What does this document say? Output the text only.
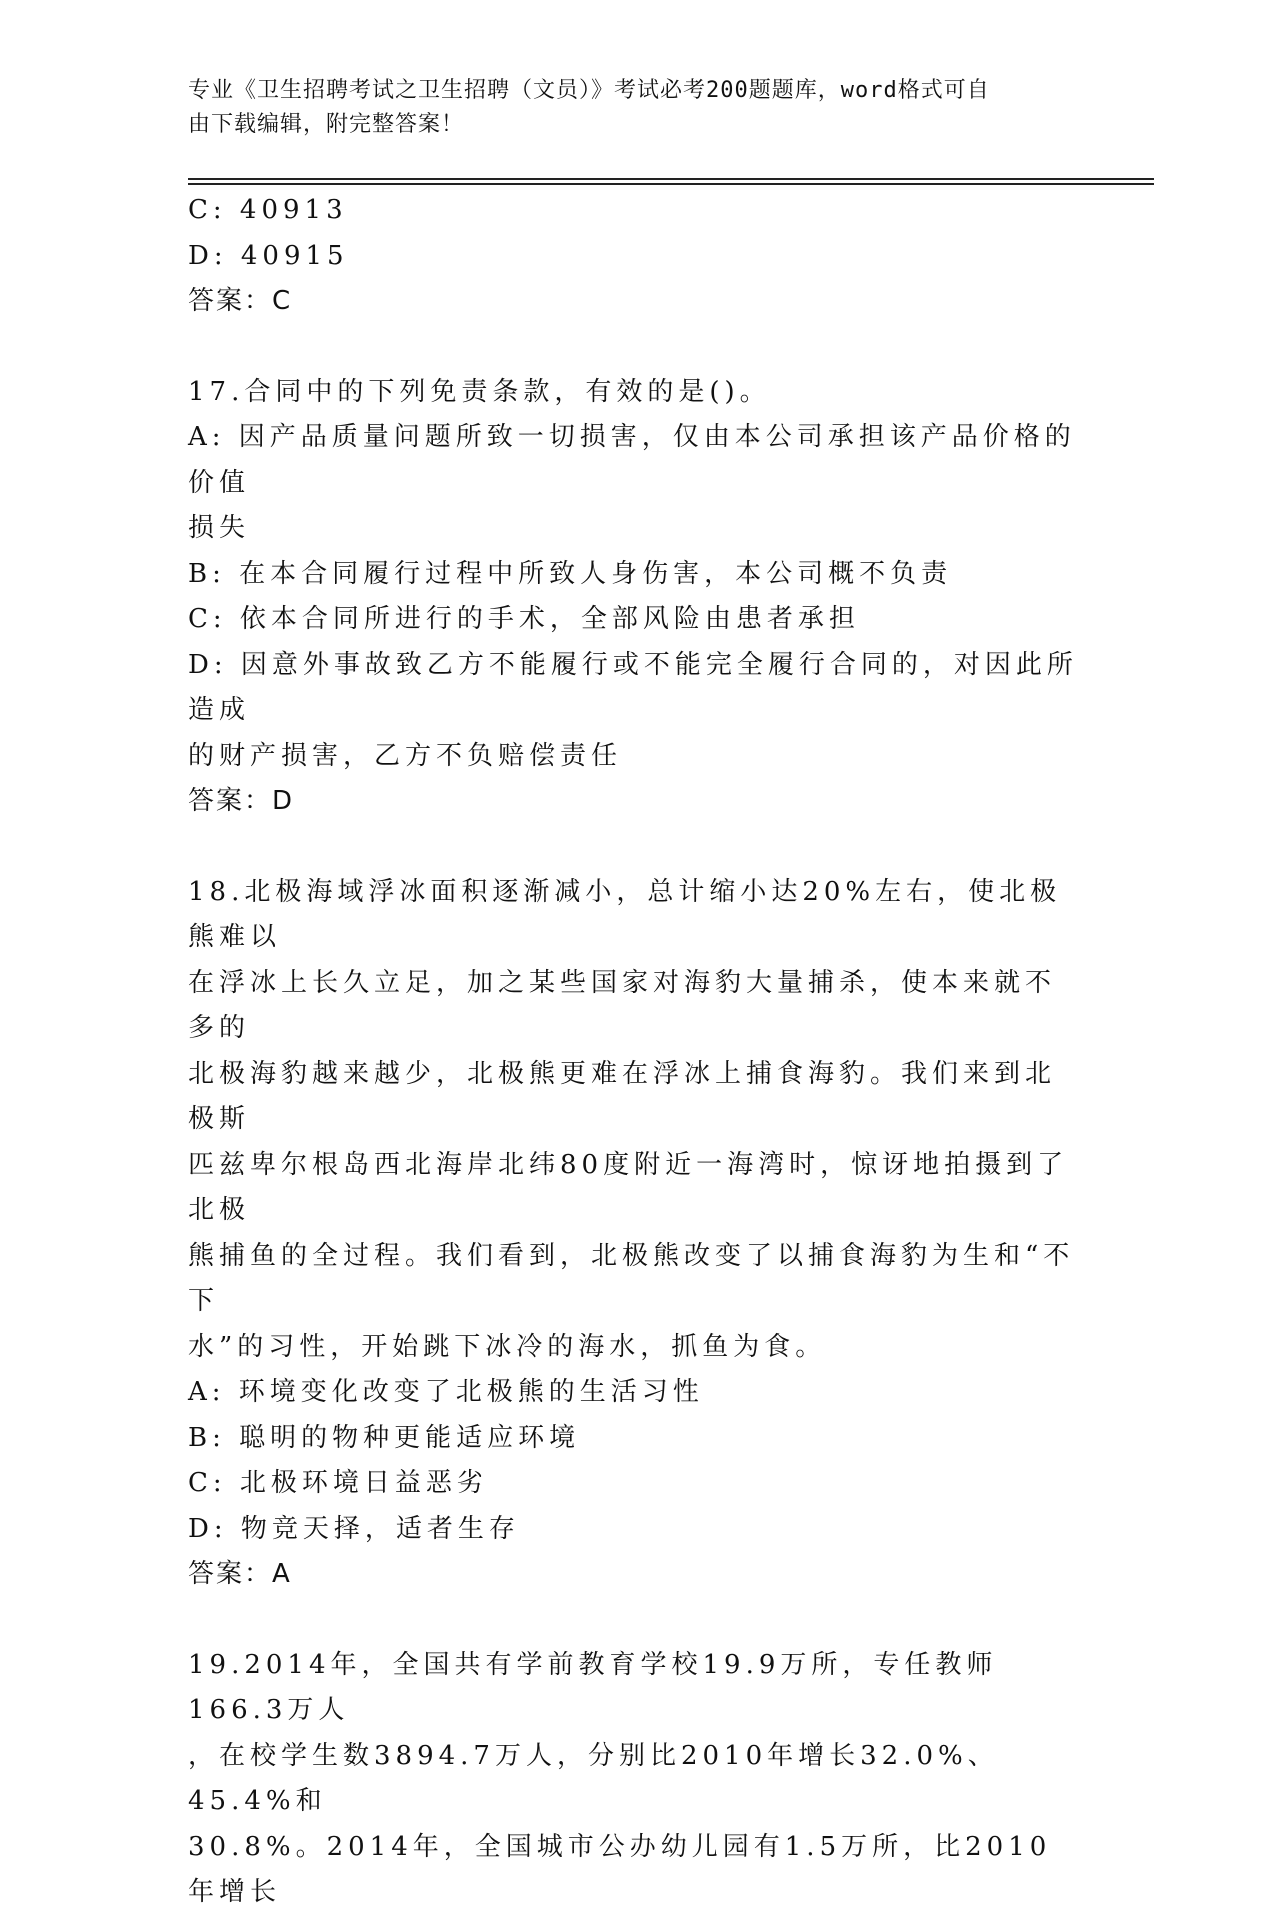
专业《卫生招聘考试之卫生招聘（文员）》考试必考200题题库，word格式可自
由下载编辑，附完整答案！

C: 40913

D: 40915

答案：C

17.合同中的下列免责条款，有效的是()。

A: 因产品质量问题所致一切损害，仅由本公司承担该产品价格的价值

损失

B: 在本合同履行过程中所致人身伤害，本公司概不负责

C: 依本合同所进行的手术，全部风险由患者承担

D: 因意外事故致乙方不能履行或不能完全履行合同的，对因此所造成

的财产损害，乙方不负赔偿责任

答案：D

18.北极海域浮冰面积逐渐减小，总计缩小达20%左右，使北极熊难以

在浮冰上长久立足，加之某些国家对海豹大量捕杀，使本来就不多的

北极海豹越来越少，北极熊更难在浮冰上捕食海豹。我们来到北极斯

匹兹卑尔根岛西北海岸北纬80度附近一海湾时，惊讶地拍摄到了北极

熊捕鱼的全过程。我们看到，北极熊改变了以捕食海豹为生和“不下

水”的习性，开始跳下冰冷的海水，抓鱼为食。

A: 环境变化改变了北极熊的生活习性

B: 聪明的物种更能适应环境

C: 北极环境日益恶劣

D: 物竞天择，适者生存

答案：A

19.2014年，全国共有学前教育学校19.9万所，专任教师166.3万人

，在校学生数3894.7万人，分别比2010年增长32.0%、45.4%和

30.8%。2014年，全国城市公办幼儿园有1.5万所，比2010年增长
